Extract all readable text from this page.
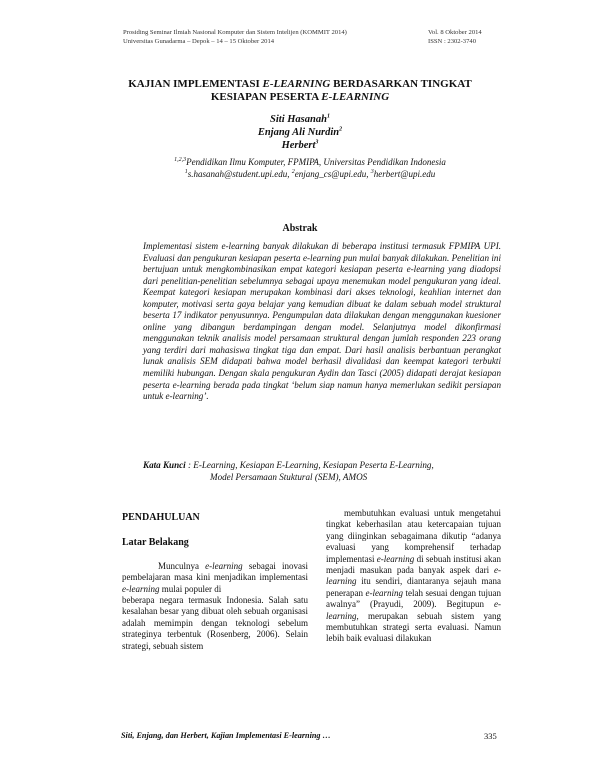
Prosiding Seminar Ilmiah Nasional Komputer dan Sistem Intelijen (KOMMIT 2014)
Universitas Gunadarma – Depok – 14 – 15 Oktober 2014
Vol. 8 Oktober 2014
ISSN : 2302-3740
KAJIAN IMPLEMENTASI E-LEARNING BERDASARKAN TINGKAT
KESIAPAN PESERTA E-LEARNING
Siti Hasanah$^1$
Enjang Ali Nurdin$^2$
Herbert$^3$
$^{1,2,3}$Pendidikan Ilmu Komputer, FPMIPA, Universitas Pendidikan Indonesia
$^1$s.hasanah@student.upi.edu, $^2$enjang_cs@upi.edu, $^3$herbert@upi.edu
Abstrak
Implementasi sistem e-learning banyak dilakukan di beberapa institusi termasuk FPMIPA UPI. Evaluasi dan pengukuran kesiapan peserta e-learning pun mulai banyak dilakukan. Penelitian ini bertujuan untuk mengkombinasikan empat kategori kesiapan peserta e-learning yang diadopsi dari penelitian-penelitian sebelumnya sebagai upaya menemukan model pengukuran yang ideal. Keempat kategori kesiapan merupakan kombinasi dari akses teknologi, keahlian internet dan komputer, motivasi serta gaya belajar yang kemudian dibuat ke dalam sebuah model struktural beserta 17 indikator penyusunnya. Pengumpulan data dilakukan dengan menggunakan kuesioner online yang dibangun berdampingan dengan model. Selanjutnya model dikonfirmasi menggunakan teknik analisis model persamaan struktural dengan jumlah responden 223 orang yang terdiri dari mahasiswa tingkat tiga dan empat. Dari hasil analisis berbantuan perangkat lunak analisis SEM didapati bahwa model berhasil divalidasi dan keempat kategori terbukti memiliki hubungan. Dengan skala pengukuran Aydin dan Tasci (2005) didapati derajat kesiapan peserta e-learning berada pada tingkat ‘belum siap namun hanya memerlukan sedikit persiapan untuk e-learning’.
Kata Kunci : E-Learning, Kesiapan E-Learning, Kesiapan Peserta E-Learning,
Model Persamaan Stuktural (SEM), AMOS
PENDAHULUAN
Latar Belakang

Munculnya e-learning sebagai inovasi pembelajaran masa kini menjadikan implementasi e-learning mulai populer di

beberapa negara termasuk Indonesia. Salah satu kesalahan besar yang dibuat oleh sebuah organisasi adalah memimpin dengan teknologi sebelum strateginya terbentuk (Rosenberg, 2006). Selain strategi, sebuah sistem

membutuhkan evaluasi untuk mengetahui tingkat keberhasilan atau ketercapaian tujuan yang diinginkan sebagaimana dikutip “adanya evaluasi yang komprehensif terhadap implementasi e-learning di sebuah institusi akan menjadi masukan pada banyak aspek dari e-learning itu sendiri, diantaranya sejauh mana penerapan e-learning telah sesuai dengan tujuan awalnya” (Prayudi, 2009). Begitupun e-learning, merupakan sebuah sistem yang membutuhkan strategi serta evaluasi. Namun lebih baik evaluasi dilakukan

Siti, Enjang, dan Herbert, Kajian Implementasi E-learning …	335
